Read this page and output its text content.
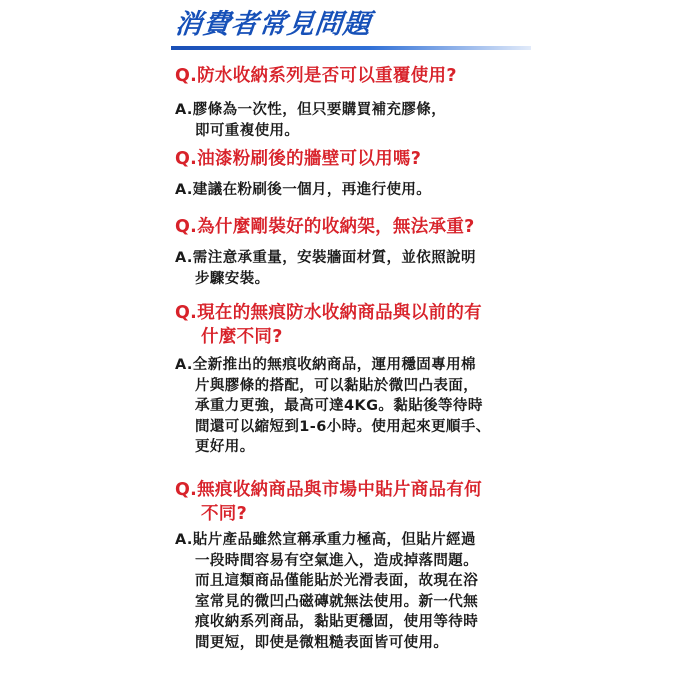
消費者常見問題
Q.防水收納系列是否可以重覆使用?
A.膠條為一次性，但只要購買補充膠條，
即可重複使用。
Q.油漆粉刷後的牆壁可以用嗎?
A.建議在粉刷後一個月，再進行使用。
Q.為什麼剛裝好的收納架，無法承重?
A.需注意承重量，安裝牆面材質，並依照說明
步驟安裝。
Q.現在的無痕防水收納商品與以前的有
什麼不同?
A.全新推出的無痕收納商品，運用穩固專用棉
片與膠條的搭配，可以黏貼於微凹凸表面，
承重力更強，最高可達4KG。黏貼後等待時
間還可以縮短到1-6小時。使用起來更順手、
更好用。
Q.無痕收納商品與市場中貼片商品有何
不同?
A.貼片產品雖然宣稱承重力極高，但貼片經過
一段時間容易有空氣進入，造成掉落問題。
而且這類商品僅能貼於光滑表面，故現在浴
室常見的微凹凸磁磚就無法使用。新一代無
痕收納系列商品，黏貼更穩固，使用等待時
間更短，即使是微粗糙表面皆可使用。
